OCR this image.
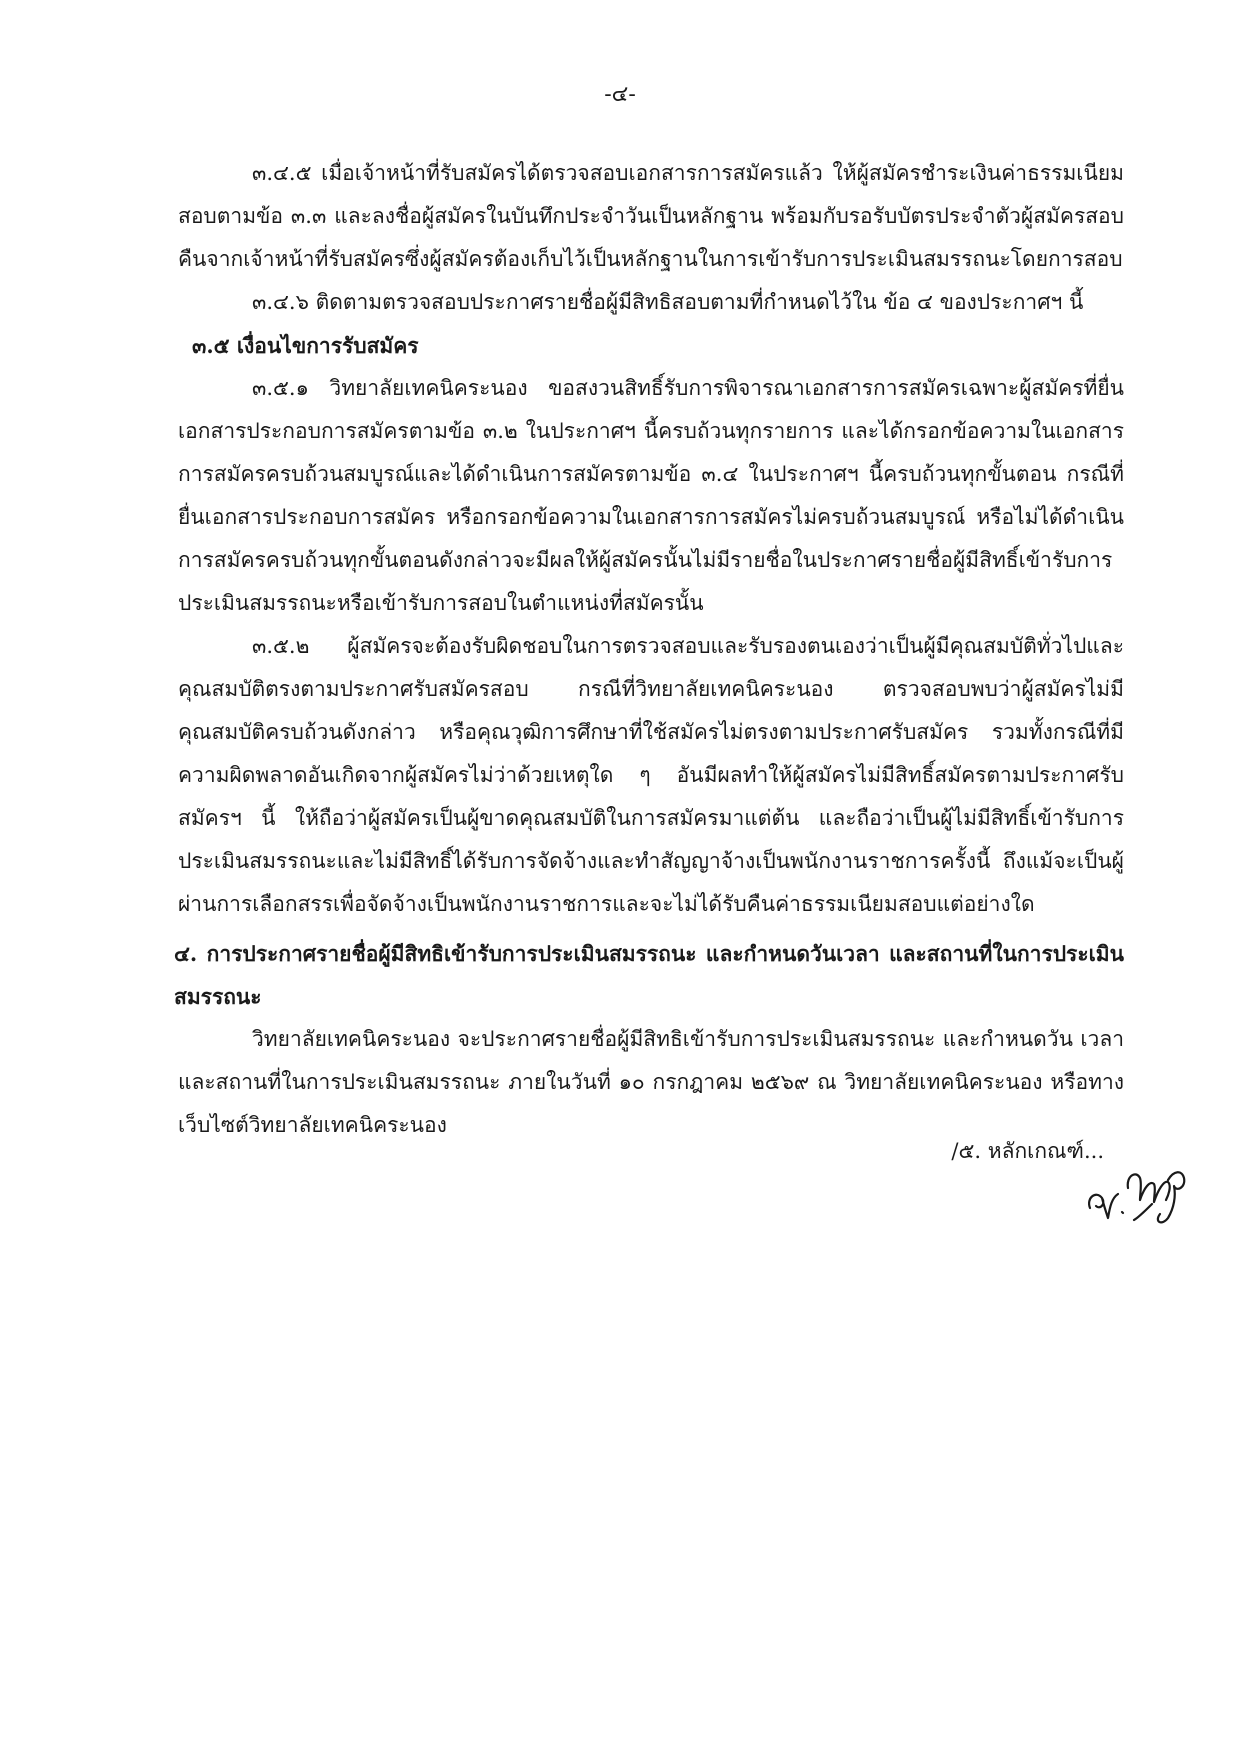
-๔-

๓.๔.๕ เมื่อเจ้าหน้าที่รับสมัครได้ตรวจสอบเอกสารการสมัครแล้ว ให้ผู้สมัครชำระเงินค่าธรรมเนียมสอบตามข้อ ๓.๓ และลงชื่อผู้สมัครในบันทึกประจำวันเป็นหลักฐาน พร้อมกับรอรับบัตรประจำตัวผู้สมัครสอบคืนจากเจ้าหน้าที่รับสมัครซึ่งผู้สมัครต้องเก็บไว้เป็นหลักฐานในการเข้ารับการประเมินสมรรถนะโดยการสอบ

๓.๔.๖ ติดตามตรวจสอบประกาศรายชื่อผู้มีสิทธิสอบตามที่กำหนดไว้ใน ข้อ ๔ ของประกาศฯ นี้

๓.๕ เงื่อนไขการรับสมัคร

๓.๕.๑ วิทยาลัยเทคนิคระนอง ขอสงวนสิทธิ์รับการพิจารณาเอกสารการสมัครเฉพาะผู้สมัครที่ยื่นเอกสารประกอบการสมัครตามข้อ ๓.๒ ในประกาศฯ นี้ครบถ้วนทุกรายการ และได้กรอกข้อความในเอกสารการสมัครครบถ้วนสมบูรณ์และได้ดำเนินการสมัครตามข้อ ๓.๔ ในประกาศฯ นี้ครบถ้วนทุกขั้นตอน กรณีที่ยื่นเอกสารประกอบการสมัคร หรือกรอกข้อความในเอกสารการสมัครไม่ครบถ้วนสมบูรณ์ หรือไม่ได้ดำเนินการสมัครครบถ้วนทุกขั้นตอนดังกล่าวจะมีผลให้ผู้สมัครนั้นไม่มีรายชื่อในประกาศรายชื่อผู้มีสิทธิ์เข้ารับการประเมินสมรรถนะหรือเข้ารับการสอบในตำแหน่งที่สมัครนั้น

๓.๕.๒ ผู้สมัครจะต้องรับผิดชอบในการตรวจสอบและรับรองตนเองว่าเป็นผู้มีคุณสมบัติทั่วไปและคุณสมบัติตรงตามประกาศรับสมัครสอบ กรณีที่วิทยาลัยเทคนิคระนอง ตรวจสอบพบว่าผู้สมัครไม่มีคุณสมบัติครบถ้วนดังกล่าว หรือคุณวุฒิการศึกษาที่ใช้สมัครไม่ตรงตามประกาศรับสมัคร รวมทั้งกรณีที่มีความผิดพลาดอันเกิดจากผู้สมัครไม่ว่าด้วยเหตุใด ๆ อันมีผลทำให้ผู้สมัครไม่มีสิทธิ์สมัครตามประกาศรับสมัครฯ นี้ ให้ถือว่าผู้สมัครเป็นผู้ขาดคุณสมบัติในการสมัครมาแต่ต้น และถือว่าเป็นผู้ไม่มีสิทธิ์เข้ารับการประเมินสมรรถนะและไม่มีสิทธิ์ได้รับการจัดจ้างและทำสัญญาจ้างเป็นพนักงานราชการครั้งนี้ ถึงแม้จะเป็นผู้ผ่านการเลือกสรรเพื่อจัดจ้างเป็นพนักงานราชการและจะไม่ได้รับคืนค่าธรรมเนียมสอบแต่อย่างใด

๔. การประกาศรายชื่อผู้มีสิทธิเข้ารับการประเมินสมรรถนะ และกำหนดวันเวลา และสถานที่ในการประเมินสมรรถนะ

วิทยาลัยเทคนิคระนอง จะประกาศรายชื่อผู้มีสิทธิเข้ารับการประเมินสมรรถนะ และกำหนดวัน เวลาและสถานที่ในการประเมินสมรรถนะ ภายในวันที่ ๑๐ กรกฎาคม ๒๕๖๙ ณ วิทยาลัยเทคนิคระนอง หรือทางเว็บไซต์วิทยาลัยเทคนิคระนอง

/๕. หลักเกณฑ์...
